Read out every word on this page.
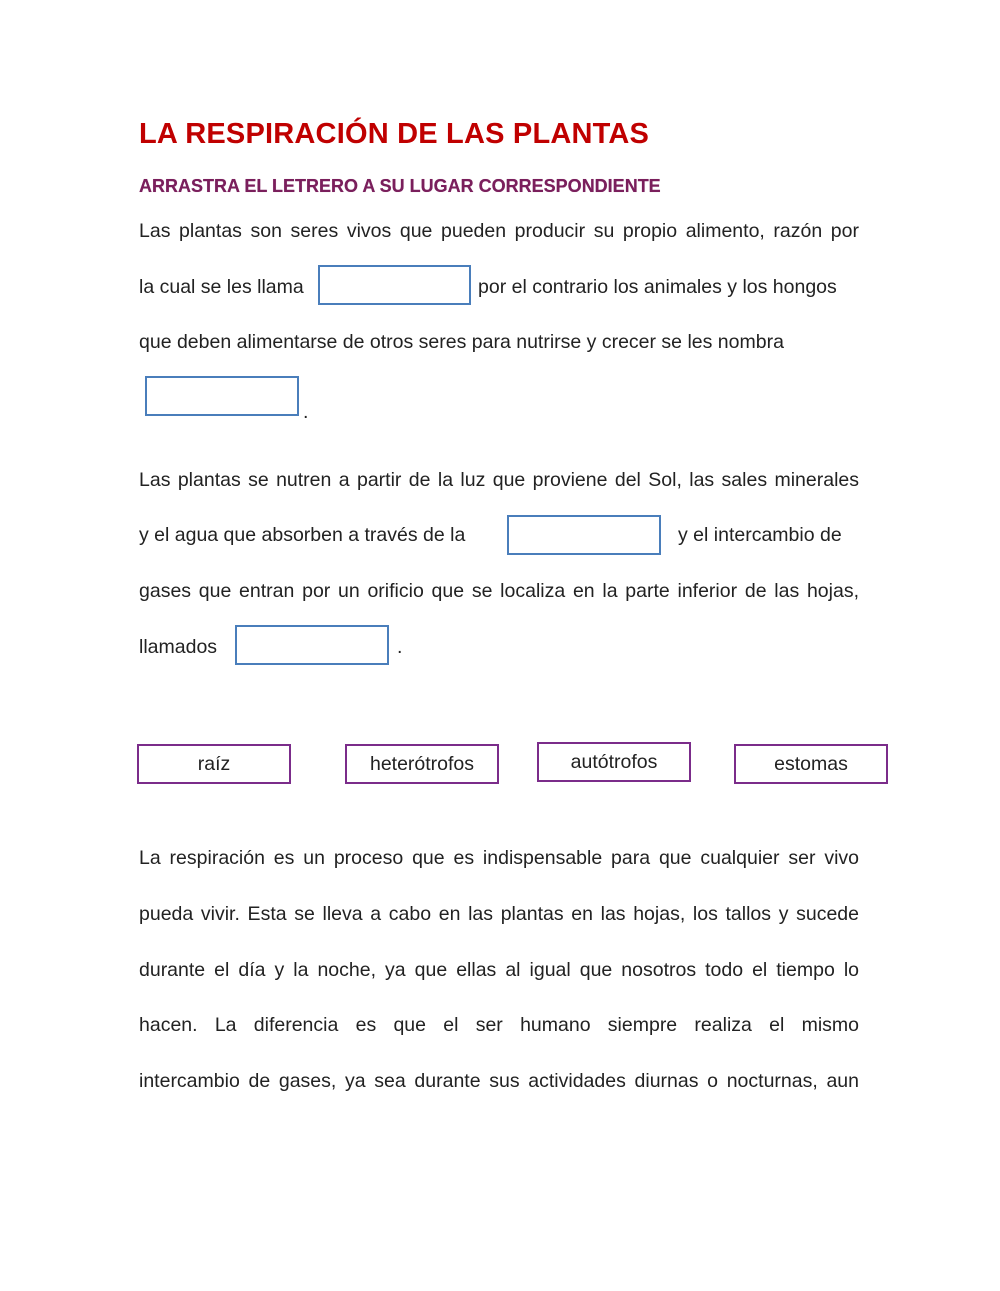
LA RESPIRACIÓN DE LAS PLANTAS
ARRASTRA EL LETRERO A SU LUGAR CORRESPONDIENTE
Las plantas son seres vivos que pueden producir su propio alimento, razón por
la cual se les llama	por el contrario los animales y los hongos
que deben alimentarse de otros seres para nutrirse y crecer se les nombra
.
Las plantas se nutren a partir de la luz que proviene del Sol, las sales minerales
y el agua que absorben a través de la	y el intercambio de
gases que entran por un orificio que se localiza en la parte inferior de las hojas,
llamados	.
raíz	heterótrofos	autótrofos	estomas
La respiración es un proceso que es indispensable para que cualquier ser vivo
pueda vivir. Esta se lleva a cabo en las plantas en las hojas, los tallos y sucede
durante el día y la noche, ya que ellas al igual que nosotros todo el tiempo lo
hacen. La diferencia es que el ser humano siempre realiza el mismo
intercambio de gases, ya sea durante sus actividades diurnas o nocturnas, aun
